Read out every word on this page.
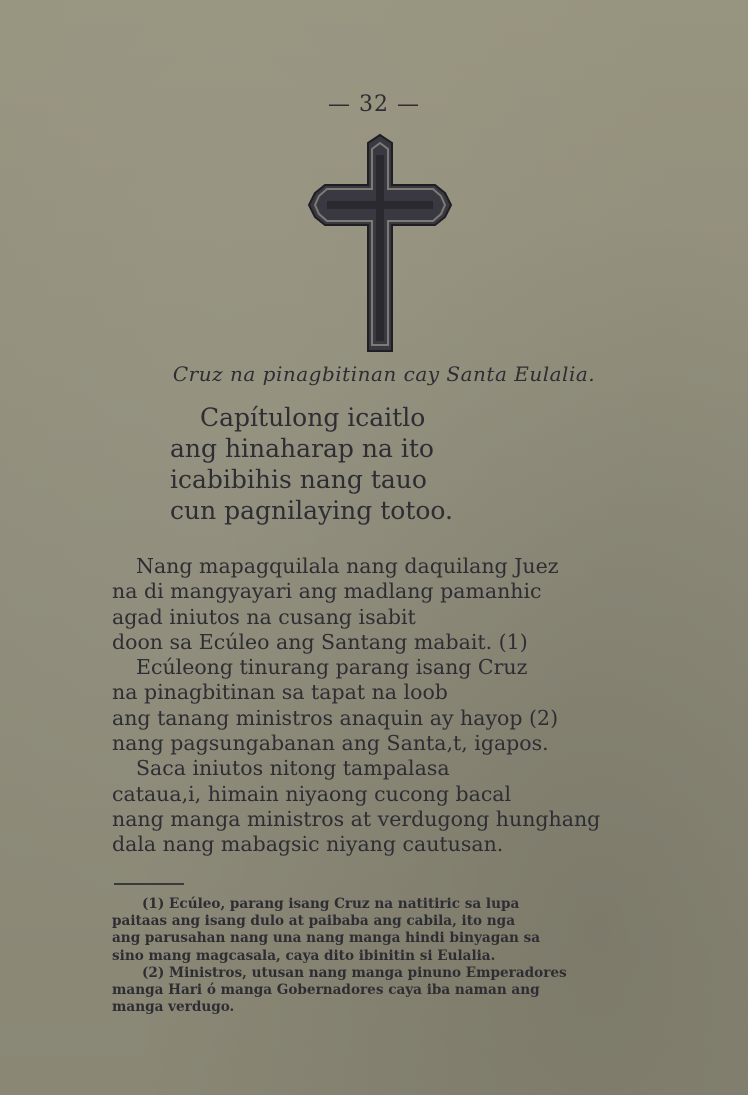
— 32 —
Cruz na pinagbitinan cay Santa Eulalia.
Capítulong icaitlo
ang hinaharap na ito
icabibihis nang tauo
cun pagnilaying totoo.
Nang mapagquilala nang daquilang Juez
na di mangyayari ang madlang pamanhic
agad iniutos na cusang isabit
doon sa Ecúleo ang Santang mabait. (1)
Ecúleong tinurang parang isang Cruz
na pinagbitinan sa tapat na loob
ang tanang ministros anaquin ay hayop (2)
nang pagsungabanan ang Santa,t, igapos.
Saca iniutos nitong tampalasa
cataua,i, himain niyaong cucong bacal
nang manga ministros at verdugong hunghang
dala nang mabagsic niyang cautusan.
(1) Ecúleo, parang isang Cruz na natitiric sa lupa
paitaas ang isang dulo at paibaba ang cabila, ito nga
ang parusahan nang una nang manga hindi binyagan sa
sino mang magcasala, caya dito ibinitin si Eulalia.
(2) Ministros, utusan nang manga pinuno Emperadores
manga Hari ó manga Gobernadores caya iba naman ang
manga verdugo.
